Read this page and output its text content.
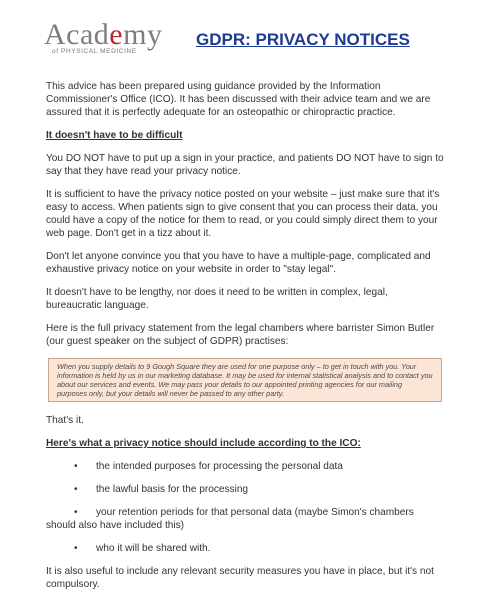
Academy
of PHYSICAL MEDICINE
GDPR: PRIVACY NOTICES

This advice has been prepared using guidance provided by the Information Commissioner's Office (ICO). It has been discussed with their advice team and we are assured that it is perfectly adequate for an osteopathic or chiropractic practice.

It doesn't have to be difficult

You DO NOT have to put up a sign in your practice, and patients DO NOT have to sign to say that they have read your privacy notice.

It is sufficient to have the privacy notice posted on your website – just make sure that it's easy to access. When patients sign to give consent that you can process their data, you could have a copy of the notice for them to read, or you could simply direct them to your web page. Don't get in a tizz about it.

Don't let anyone convince you that you have to have a multiple-page, complicated and exhaustive privacy notice on your website in order to "stay legal".

It doesn't have to be lengthy, nor does it need to be written in complex, legal, bureaucratic language.

Here is the full privacy statement from the legal chambers where barrister Simon Butler (our guest speaker on the subject of GDPR) practises:

When you supply details to 9 Gough Square they are used for one purpose only – to get in touch with you. Your information is held by us in our marketing database. It may be used for internal statistical analysis and to contact you about our services and events. We may pass your details to our appointed printing agencies for our mailing purposes only, but your details will never be passed to any other party.

That's it.

Here's what a privacy notice should include according to the ICO:

• the intended purposes for processing the personal data
• the lawful basis for the processing
• your retention periods for that personal data (maybe Simon's chambers should also have included this)
• who it will be shared with.

It is also useful to include any relevant security measures you have in place, but it's not compulsory.
